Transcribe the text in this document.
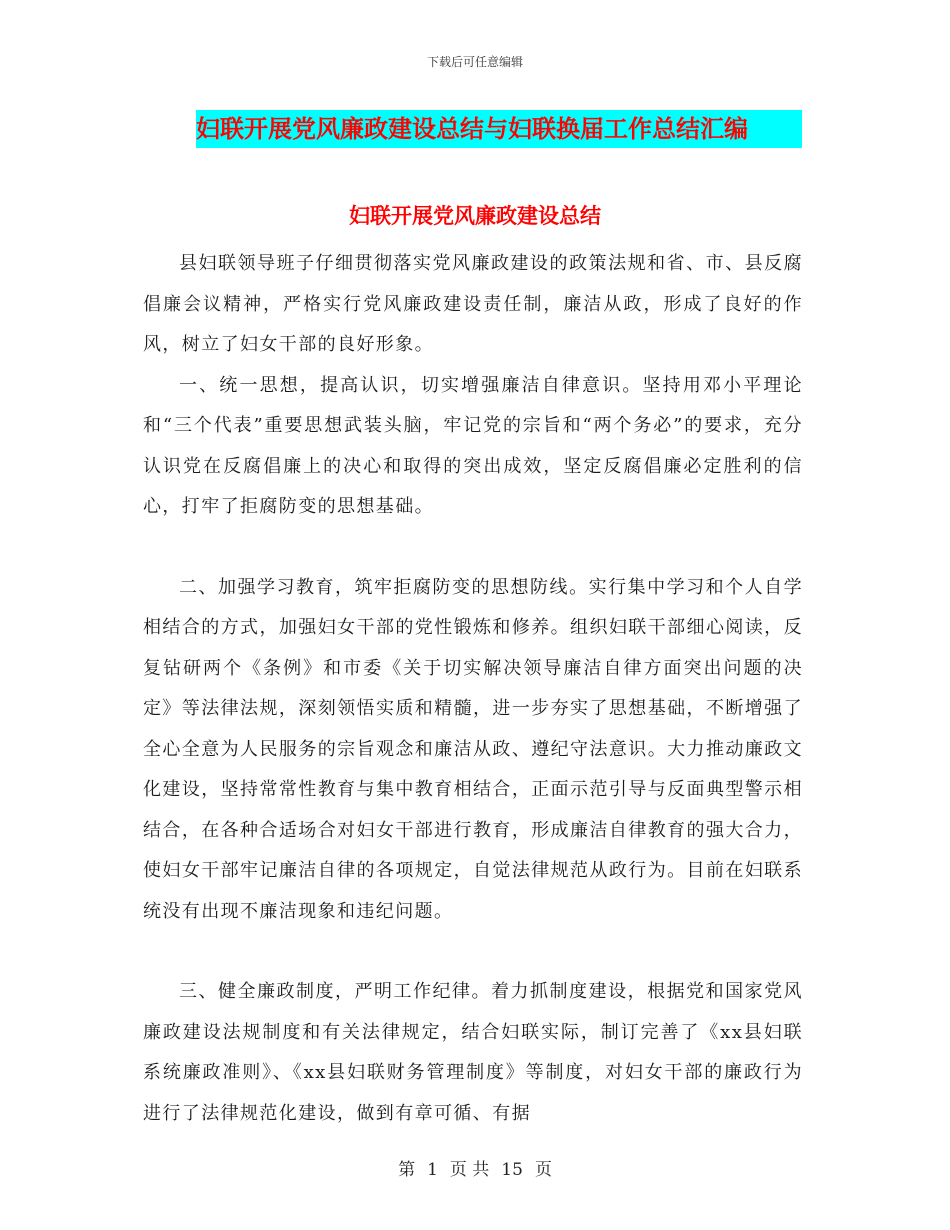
下载后可任意编辑
妇联开展党风廉政建设总结与妇联换届工作总结汇编
妇联开展党风廉政建设总结

县妇联领导班子仔细贯彻落实党风廉政建设的政策法规和省、市、县反腐倡廉会议精神，严格实行党风廉政建设责任制，廉洁从政，形成了良好的作风，树立了妇女干部的良好形象。

一、统一思想，提高认识，切实增强廉洁自律意识。坚持用邓小平理论和“三个代表”重要思想武装头脑，牢记党的宗旨和“两个务必”的要求，充分认识党在反腐倡廉上的决心和取得的突出成效，坚定反腐倡廉必定胜利的信心，打牢了拒腐防变的思想基础。

二、加强学习教育，筑牢拒腐防变的思想防线。实行集中学习和个人自学相结合的方式，加强妇女干部的党性锻炼和修养。组织妇联干部细心阅读，反复钻研两个《条例》和市委《关于切实解决领导廉洁自律方面突出问题的决定》等法律法规，深刻领悟实质和精髓，进一步夯实了思想基础，不断增强了全心全意为人民服务的宗旨观念和廉洁从政、遵纪守法意识。大力推动廉政文化建设，坚持常常性教育与集中教育相结合，正面示范引导与反面典型警示相结合，在各种合适场合对妇女干部进行教育，形成廉洁自律教育的强大合力，使妇女干部牢记廉洁自律的各项规定，自觉法律规范从政行为。目前在妇联系统没有出现不廉洁现象和违纪问题。

三、健全廉政制度，严明工作纪律。着力抓制度建设，根据党和国家党风廉政建设法规制度和有关法律规定，结合妇联实际，制订完善了《xx县妇联系统廉政准则》、《xx县妇联财务管理制度》等制度，对妇女干部的廉政行为进行了法律规范化建设，做到有章可循、有据

第 1 页 共 15 页
